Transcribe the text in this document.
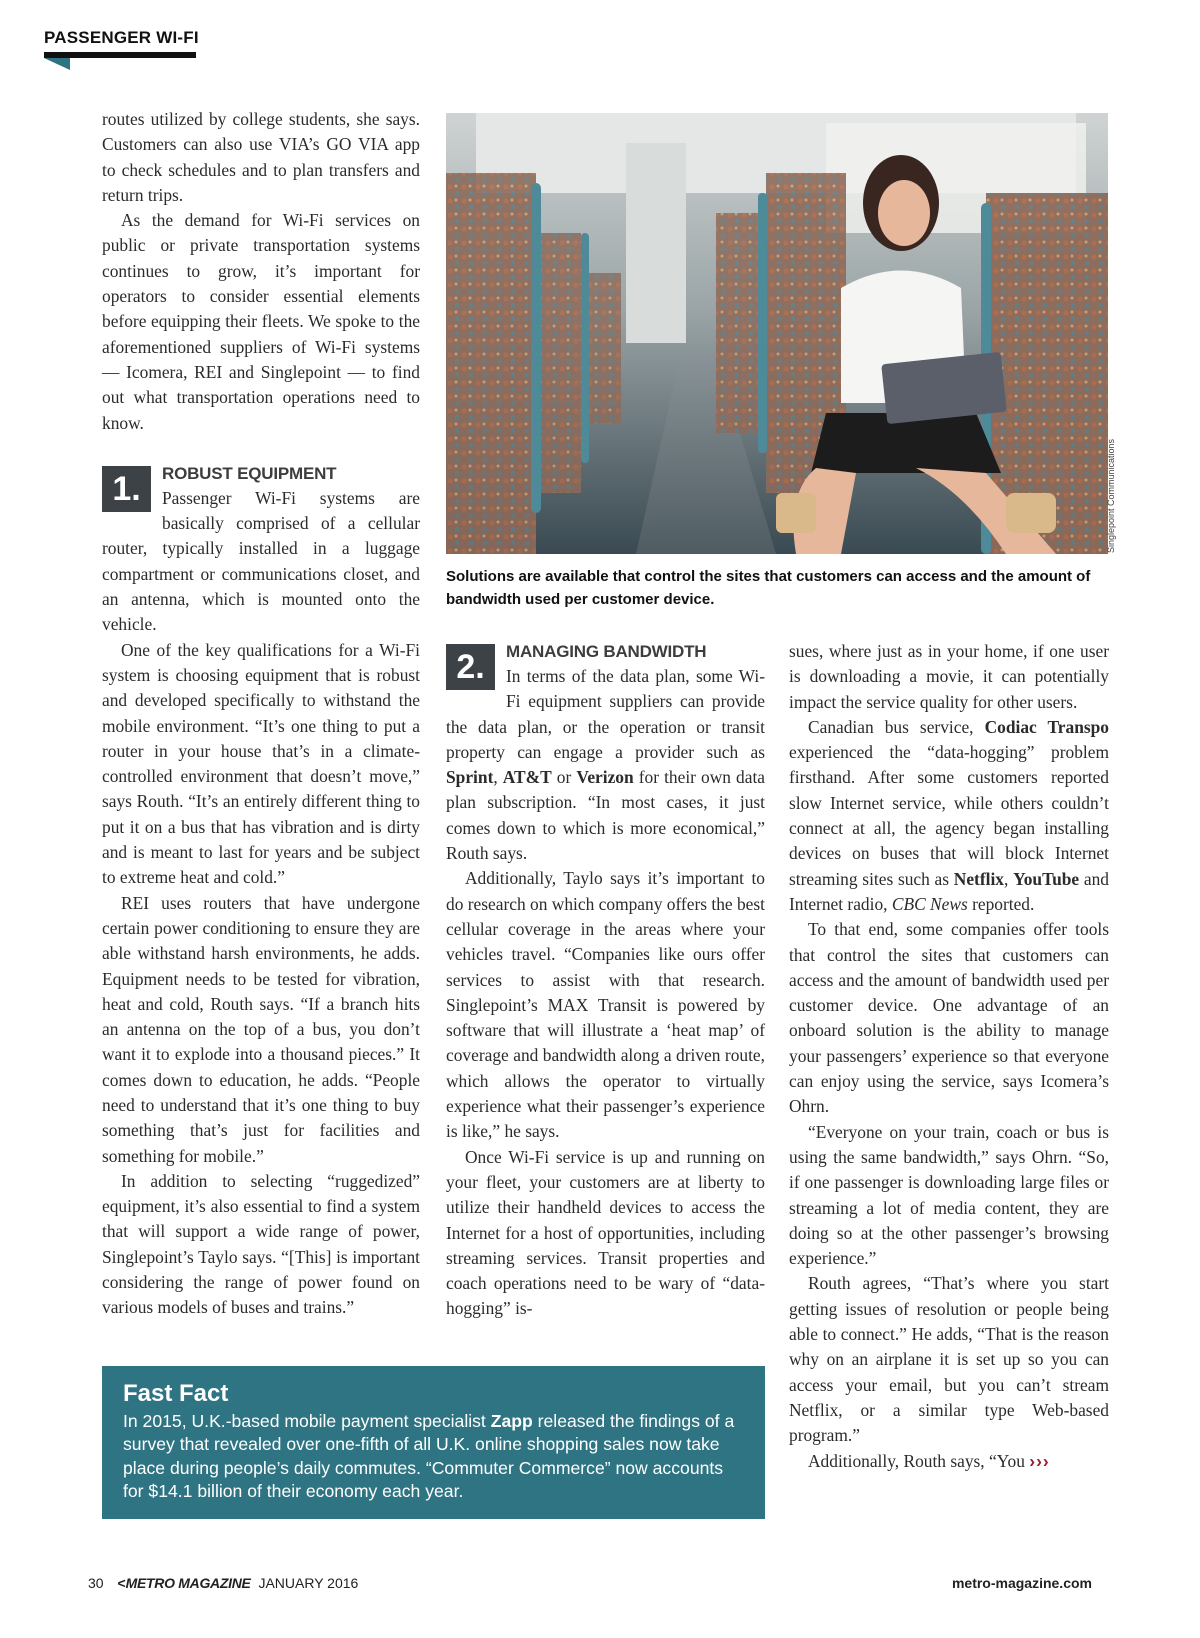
PASSENGER WI-FI

routes utilized by college students, she says. Customers can also use VIA’s GO VIA app to check schedules and to plan transfers and return trips.

As the demand for Wi-Fi services on public or private transportation systems continues to grow, it’s important for operators to consider essential elements before equipping their fleets. We spoke to the aforementioned suppliers of Wi-Fi systems — Icomera, REI and Singlepoint — to find out what transportation operations need to know.

1.	ROBUST EQUIPMENT

Passenger Wi-Fi systems are basically comprised of a cellular router, typically installed in a luggage compartment or communications closet, and an antenna, which is mounted onto the vehicle.

One of the key qualifications for a Wi-Fi system is choosing equipment that is robust and developed specifically to withstand the mobile environment. “It’s one thing to put a router in your house that’s in a climate-controlled environment that doesn’t move,” says Routh. “It’s an entirely different thing to put it on a bus that has vibration and is dirty and is meant to last for years and be subject to extreme heat and cold.”

REI uses routers that have undergone certain power conditioning to ensure they are able withstand harsh environments, he adds. Equipment needs to be tested for vibration, heat and cold, Routh says. “If a branch hits an antenna on the top of a bus, you don’t want it to explode into a thousand pieces.” It comes down to education, he adds. “People need to understand that it’s one thing to buy something that’s just for facilities and something for mobile.”

In addition to selecting “ruggedized” equipment, it’s also essential to find a system that will support a wide range of power, Singlepoint’s Taylo says. “[This] is important considering the range of power found on various models of buses and trains.”

Singlepoint Communications
Solutions are available that control the sites that customers can access and the amount of bandwidth used per customer device.
2.	MANAGING BANDWIDTH

In terms of the data plan, some Wi-Fi equipment suppliers can provide the data plan, or the operation or transit property can engage a provider such as Sprint, AT&T or Verizon for their own data plan subscription. “In most cases, it just comes down to which is more economical,” Routh says.

Additionally, Taylo says it’s important to do research on which company offers the best cellular coverage in the areas where your vehicles travel. “Companies like ours offer services to assist with that research. Singlepoint’s MAX Transit is powered by software that will illustrate a ‘heat map’ of coverage and bandwidth along a driven route, which allows the operator to virtually experience what their passenger’s experience is like,” he says.

Once Wi-Fi service is up and running on your fleet, your customers are at liberty to utilize their handheld devices to access the Internet for a host of opportunities, including streaming services. Transit properties and coach operations need to be wary of “data-hogging” is-

sues, where just as in your home, if one user is downloading a movie, it can potentially impact the service quality for other users.

Canadian bus service, Codiac Transpo experienced the “data-hogging” problem firsthand. After some customers reported slow Internet service, while others couldn’t connect at all, the agency began installing devices on buses that will block Internet streaming sites such as Netflix, YouTube and Internet radio, CBC News reported.

To that end, some companies offer tools that control the sites that customers can access and the amount of bandwidth used per customer device. One advantage of an onboard solution is the ability to manage your passengers’ experience so that everyone can enjoy using the service, says Icomera’s Ohrn.

“Everyone on your train, coach or bus is using the same bandwidth,” says Ohrn. “So, if one passenger is downloading large files or streaming a lot of media content, they are doing so at the other passenger’s browsing experience.”

Routh agrees, “That’s where you start getting issues of resolution or people being able to connect.” He adds, “That is the reason why on an airplane it is set up so you can access your email, but you can’t stream Netflix, or a similar type Web-based program.”

Additionally, Routh says, “You ›››

Fast Fact
In 2015, U.K.-based mobile payment specialist Zapp released the findings of a survey that revealed over one-fifth of all U.K. online shopping sales now take place during people’s daily commutes. “Commuter Commerce” now accounts for $14.1 billion of their economy each year.
30 <METRO MAGAZINE JANUARY 2016	metro-magazine.com
